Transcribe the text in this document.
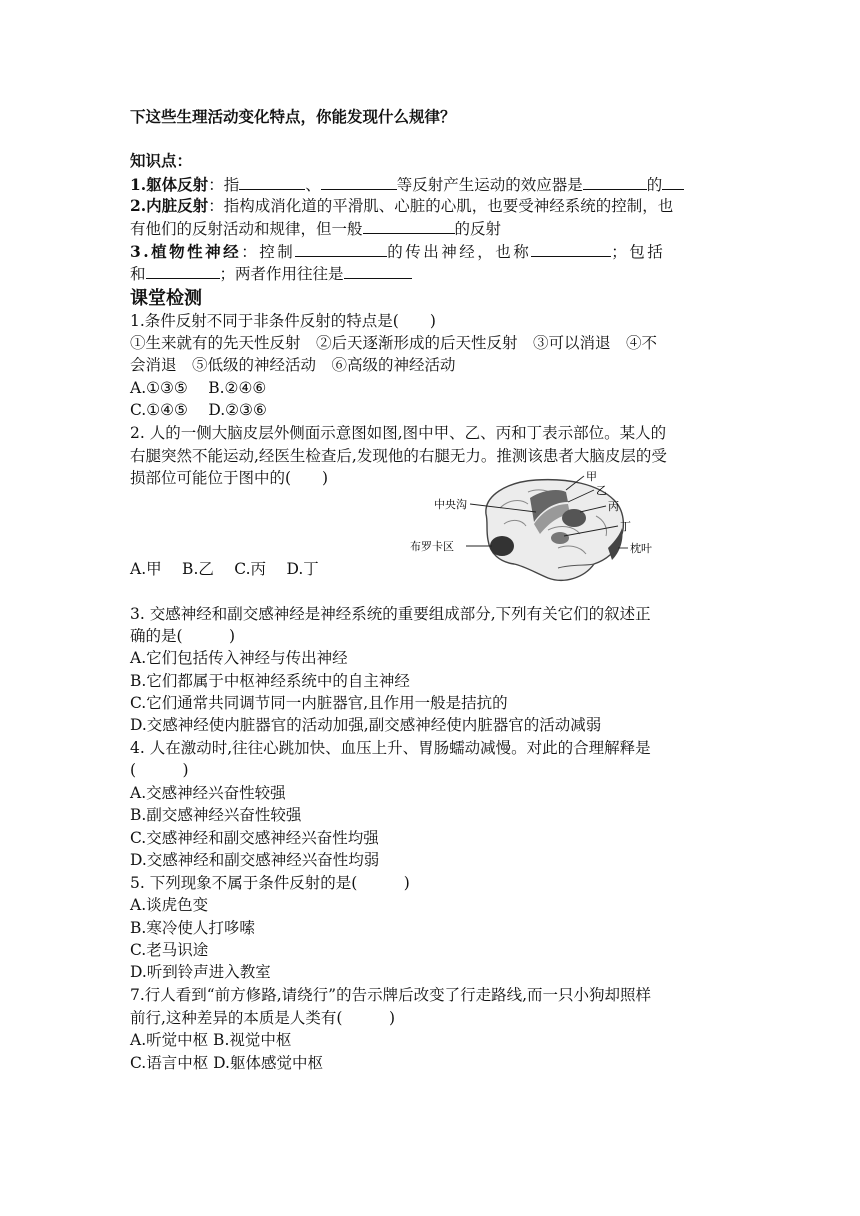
下这些生理活动变化特点，你能发现什么规律？
知识点：
1.躯体反射：指	、	等反射产生运动的效应器是	的
2.内脏反射：指构成消化道的平滑肌、心脏的心肌，也要受神经系统的控制，也
有他们的反射活动和规律，但一般	的反射
3.植物性神经：控制	的传出神经，也称	；包括
和	；两者作用往往是
课堂检测
1.条件反射不同于非条件反射的特点是(　　)
①生来就有的先天性反射　②后天逐渐形成的后天性反射　③可以消退　④不
会消退　⑤低级的神经活动　⑥高级的神经活动
A.①③⑤　 B.②④⑥
C.①④⑤　 D.②③⑥
2. 人的一侧大脑皮层外侧面示意图如图,图中甲、乙、丙和丁表示部位。某人的
右腿突然不能运动,经医生检查后,发现他的右腿无力。推测该患者大脑皮层的受
损部位可能位于图中的(　　)
A.甲　 B.乙　 C.丙　 D.丁
甲
乙
丙
丁
中央沟
布罗卡区	枕叶
3. 交感神经和副交感神经是神经系统的重要组成部分,下列有关它们的叙述正
确的是(　　　)
A.它们包括传入神经与传出神经
B.它们都属于中枢神经系统中的自主神经
C.它们通常共同调节同一内脏器官,且作用一般是拮抗的
D.交感神经使内脏器官的活动加强,副交感神经使内脏器官的活动减弱
4. 人在激动时,往往心跳加快、血压上升、胃肠蠕动减慢。对此的合理解释是
(　　　)
A.交感神经兴奋性较强
B.副交感神经兴奋性较强
C.交感神经和副交感神经兴奋性均强
D.交感神经和副交感神经兴奋性均弱
5. 下列现象不属于条件反射的是(　　　)
A.谈虎色变
B.寒冷使人打哆嗦
C.老马识途
D.听到铃声进入教室
7.行人看到“前方修路,请绕行”的告示牌后改变了行走路线,而一只小狗却照样
前行,这种差异的本质是人类有(　　　)
A.听觉中枢 B.视觉中枢
C.语言中枢 D.躯体感觉中枢
